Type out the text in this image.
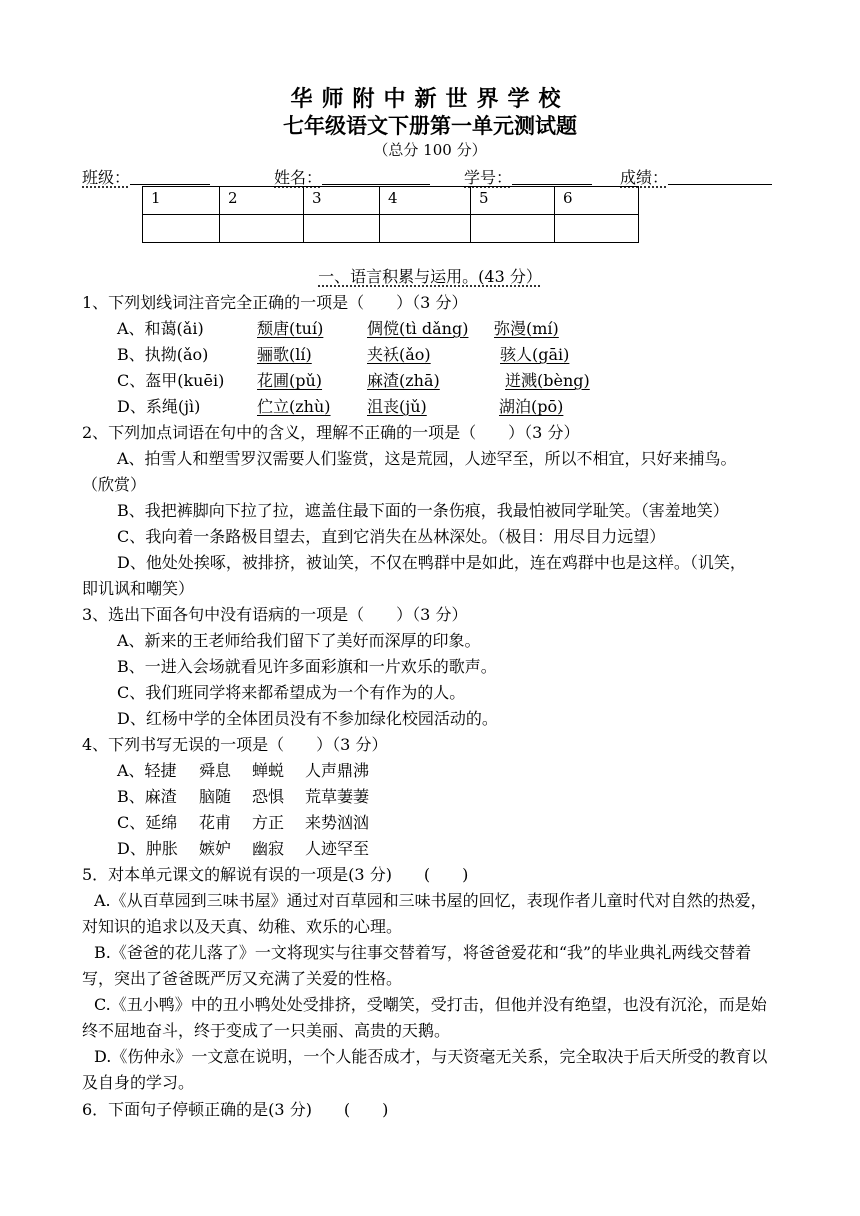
华师附中新世界学校
七年级语文下册第一单元测试题
（总分 100 分）
班级：	姓名：	学号：	成绩：
1	2	3	4	5	6

一、语言积累与运用。(43 分）
1、下列划线词注音完全正确的一项是（　　）（3 分）
A、和蔼(ǎi)	颓唐(tuí)	倜傥(tì dǎng) 弥漫(mí)
B、执拗(ǎo)	骊歌(lí)	夹袄(ǎo)	骇人(gāi)
C、盔甲(kuēi) 花圃(pǔ)	麻渣(zhā)	迸溅(bèng)
D、系绳(jì)	伫立(zhù) 沮丧(jǔ)	湖泊(pō)
2、下列加点词语在句中的含义，理解不正确的一项是（　　）（3 分）
A、拍雪人和塑雪罗汉需要人们鉴赏，这是荒园，人迹罕至，所以不相宜，只好来捕鸟。
（欣赏）
B、我把裤脚向下拉了拉，遮盖住最下面的一条伤痕，我最怕被同学耻笑。（害羞地笑）
C、我向着一条路极目望去，直到它消失在丛林深处。（极目：用尽目力远望）
D、他处处挨啄，被排挤，被讪笑，不仅在鸭群中是如此，连在鸡群中也是这样。（讥笑，
即讥讽和嘲笑）
3、选出下面各句中没有语病的一项是（　　）（3 分）
A、新来的王老师给我们留下了美好而深厚的印象。
B、一进入会场就看见许多面彩旗和一片欢乐的歌声。
C、我们班同学将来都希望成为一个有作为的人。
D、红杨中学的全体团员没有不参加绿化校园活动的。
4、下列书写无误的一项是（　　）（3 分）
A、轻捷 舜息 蝉蜕 人声鼎沸
B、麻渣 脑随 恐惧 荒草萋萋
C、延绵 花甫 方正 来势汹汹
D、肿胀 嫉妒 幽寂 人迹罕至
5．对本单元课文的解说有误的一项是(3 分)　　(　　)
A.《从百草园到三味书屋》通过对百草园和三味书屋的回忆，表现作者儿童时代对自然的热爱，对知识的追求以及天真、幼稚、欢乐的心理。
B.《爸爸的花儿落了》一文将现实与往事交替着写，将爸爸爱花和“我”的毕业典礼两线交替着写，突出了爸爸既严厉又充满了关爱的性格。
C.《丑小鸭》中的丑小鸭处处受排挤，受嘲笑，受打击，但他并没有绝望，也没有沉沦，而是始终不屈地奋斗，终于变成了一只美丽、高贵的天鹅。
D.《伤仲永》一文意在说明，一个人能否成才，与天资毫无关系，完全取决于后天所受的教育以及自身的学习。
6．下面句子停顿正确的是(3 分)　　(　　)
